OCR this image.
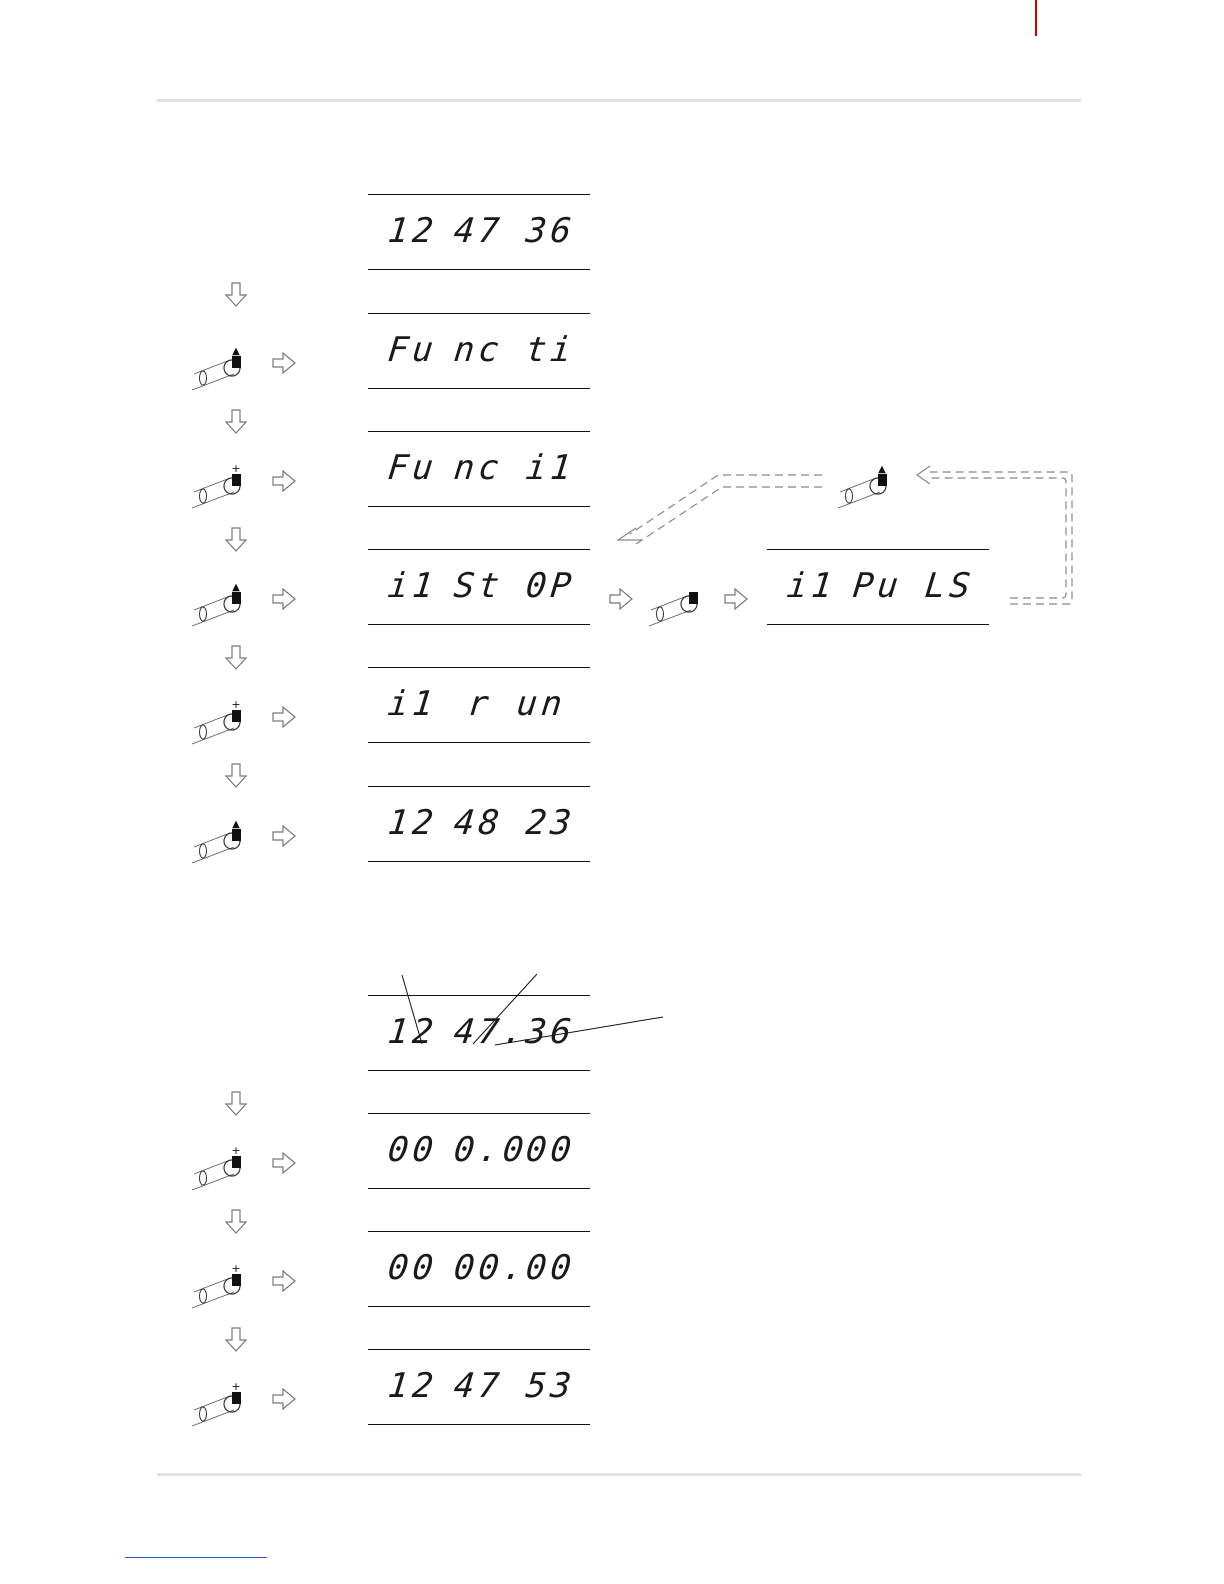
12 47 36
Fu nc ti
Fu nc i1
i1 St 0P
i1 r un
12 48 23
i1 Pu LS
▲
+
▲
+
▲
▲
12 47.
36
00 0.0
00
00 00.
00
12 47 53
+
+
+
